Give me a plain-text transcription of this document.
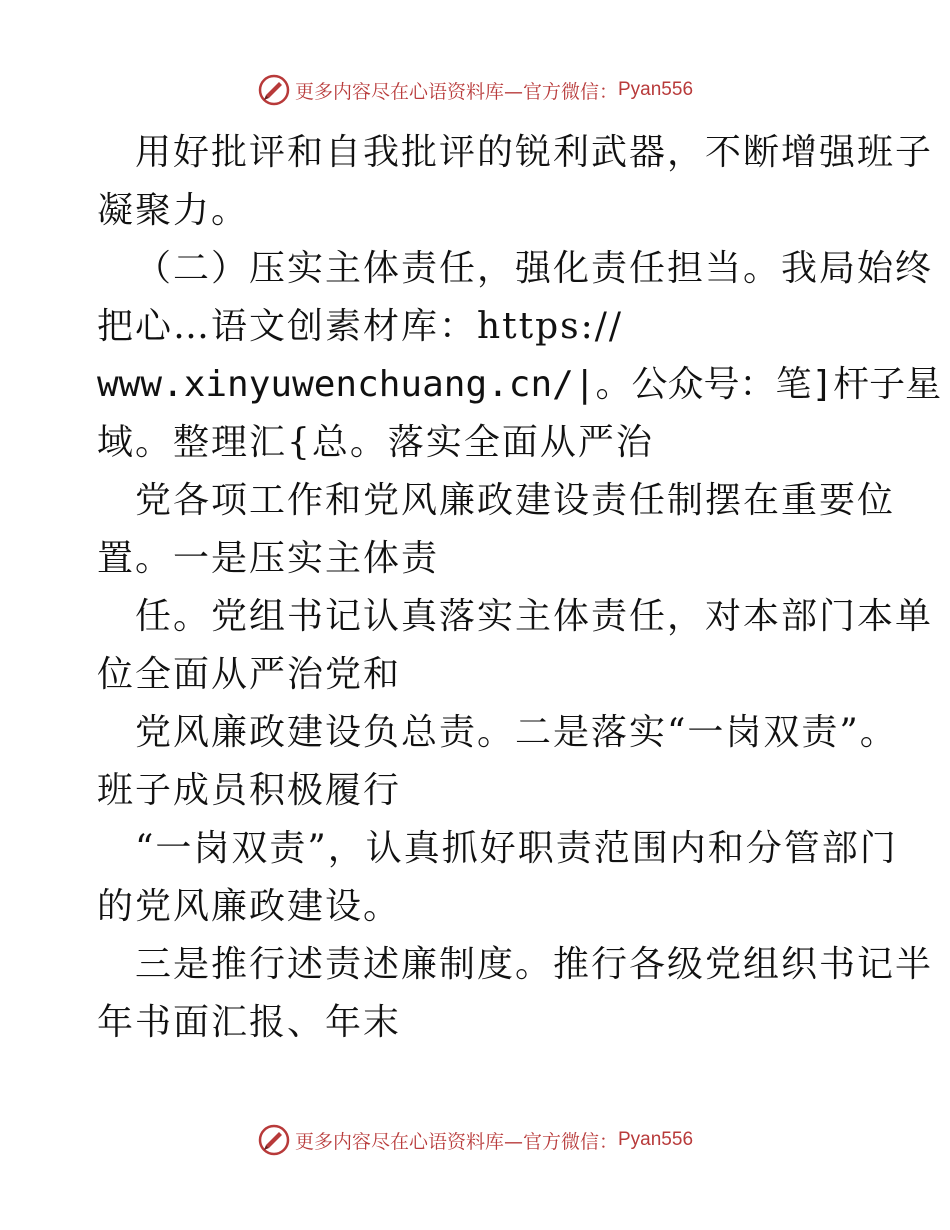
更多内容尽在心语资料库—官方微信： Pyan556
用好批评和自我批评的锐利武器，不断增强班子
凝聚力。
（二）压实主体责任，强化责任担当。我局始终
把心…语文创素材库：https://
www.xinyuwenchuang.cn/|。公众号：笔]杆子星
域。整理汇{总。落实全面从严治
党各项工作和党风廉政建设责任制摆在重要位
置。一是压实主体责
任。党组书记认真落实主体责任，对本部门本单
位全面从严治党和
党风廉政建设负总责。二是落实“一岗双责”。
班子成员积极履行
“一岗双责”，认真抓好职责范围内和分管部门
的党风廉政建设。
三是推行述责述廉制度。推行各级党组织书记半
年书面汇报、年末
更多内容尽在心语资料库—官方微信： Pyan556
